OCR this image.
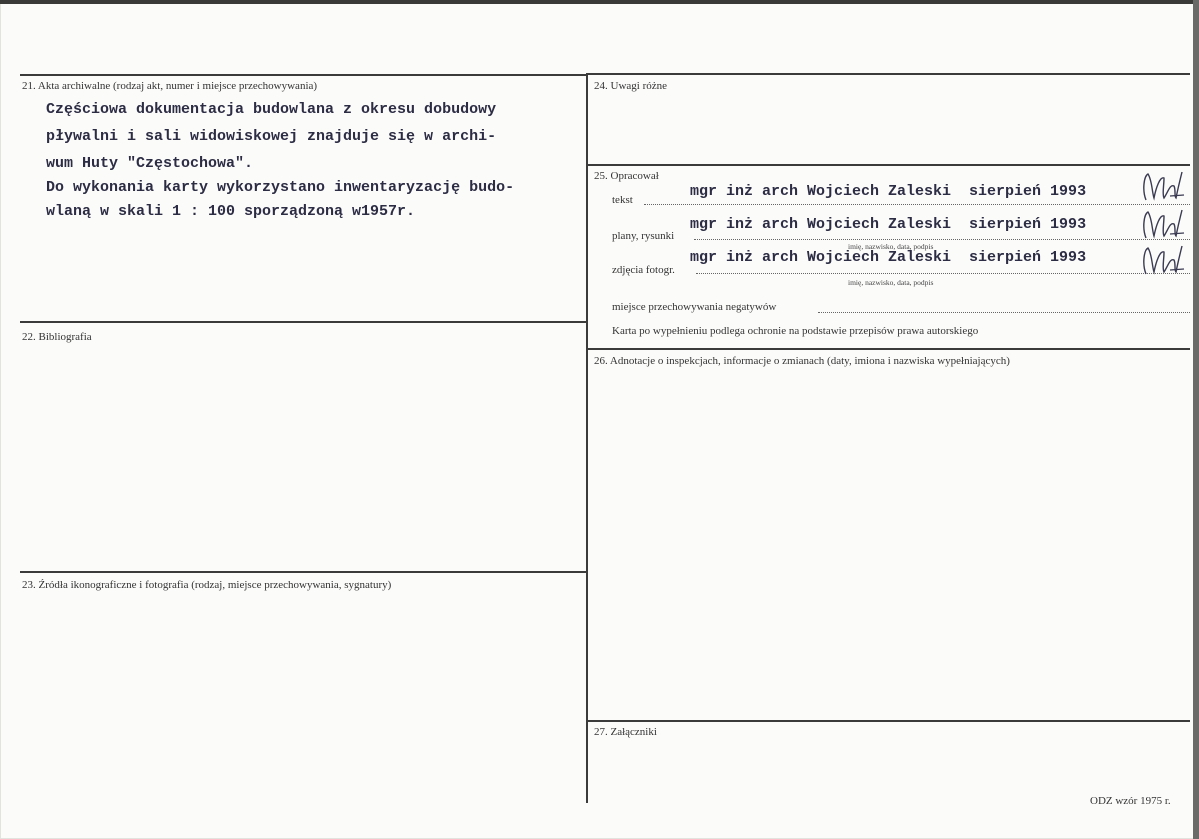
21. Akta archiwalne (rodzaj akt, numer i miejsce przechowywania)
Częściowa dokumentacja budowlana z okresu dobudowy
pływalni i sali widowiskowej znajduje się w archi-
wum Huty "Częstochowa".
Do wykonania karty wykorzystano inwentaryzację budo-
wlaną w skali 1 : 100 sporządzoną w1957r.
22. Bibliografia
23. Źródła ikonograficzne i fotografia (rodzaj, miejsce przechowywania, sygnatury)
24. Uwagi różne
25. Opracował
tekst	mgr inż arch Wojciech Zaleski  sierpień 1993
plany, rysunki
mgr inż arch Wojciech Zaleski  sierpień 1993
imię, nazwisko, data, podpis
zdjęcia fotogr.
mgr inż arch Wojciech Zaleski  sierpień 1993
imię, nazwisko, data, podpis
miejsce przechowywania negatywów
Karta po wypełnieniu podlega ochronie na podstawie przepisów prawa autorskiego
26. Adnotacje o inspekcjach, informacje o zmianach (daty, imiona i nazwiska wypełniających)
27. Załączniki
ODZ wzór 1975 r.
